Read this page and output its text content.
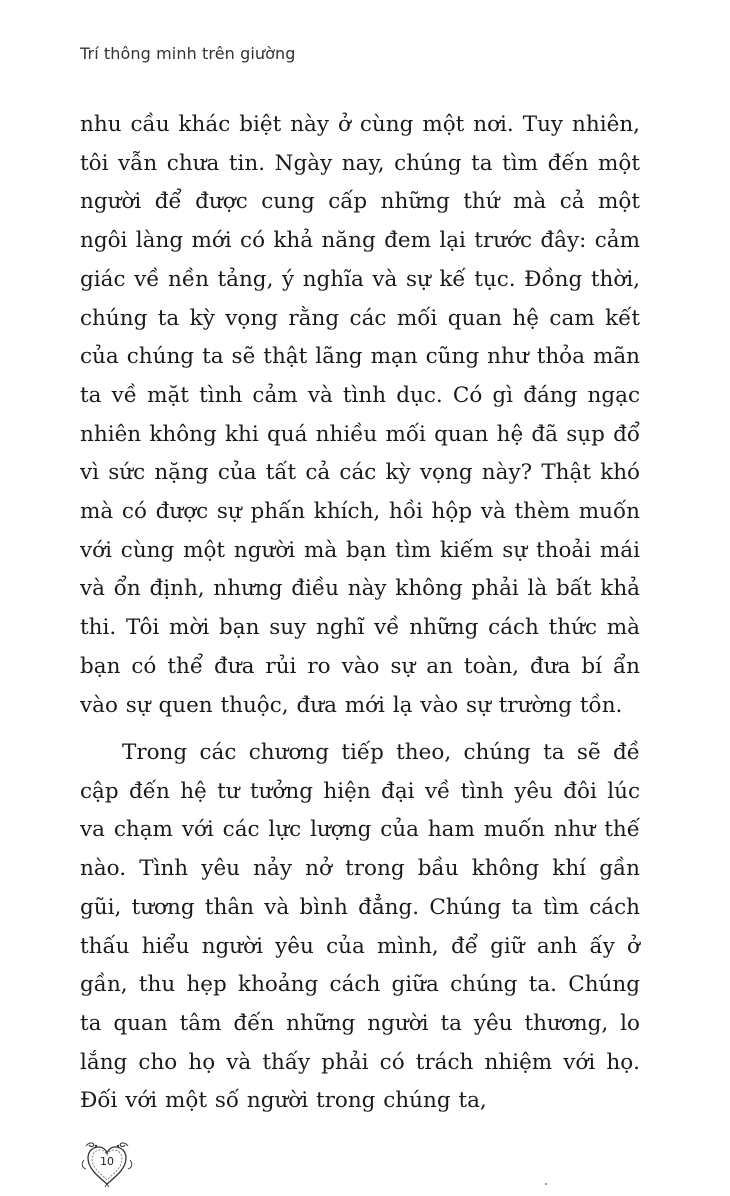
Trí thông minh trên giường

nhu cầu khác biệt này ở cùng một nơi. Tuy nhiên, tôi vẫn chưa tin. Ngày nay, chúng ta tìm đến một người để được cung cấp những thứ mà cả một ngôi làng mới có khả năng đem lại trước đây: cảm giác về nền tảng, ý nghĩa và sự kế tục. Đồng thời, chúng ta kỳ vọng rằng các mối quan hệ cam kết của chúng ta sẽ thật lãng mạn cũng như thỏa mãn ta về mặt tình cảm và tình dục. Có gì đáng ngạc nhiên không khi quá nhiều mối quan hệ đã sụp đổ vì sức nặng của tất cả các kỳ vọng này? Thật khó mà có được sự phấn khích, hồi hộp và thèm muốn với cùng một người mà bạn tìm kiếm sự thoải mái và ổn định, nhưng điều này không phải là bất khả thi. Tôi mời bạn suy nghĩ về những cách thức mà bạn có thể đưa rủi ro vào sự an toàn, đưa bí ẩn vào sự quen thuộc, đưa mới lạ vào sự trường tồn.

Trong các chương tiếp theo, chúng ta sẽ đề cập đến hệ tư tưởng hiện đại về tình yêu đôi lúc va chạm với các lực lượng của ham muốn như thế nào. Tình yêu nảy nở trong bầu không khí gần gũi, tương thân và bình đẳng. Chúng ta tìm cách thấu hiểu người yêu của mình, để giữ anh ấy ở gần, thu hẹp khoảng cách giữa chúng ta. Chúng ta quan tâm đến những người ta yêu thương, lo lắng cho họ và thấy phải có trách nhiệm với họ. Đối với một số người trong chúng ta,

10
